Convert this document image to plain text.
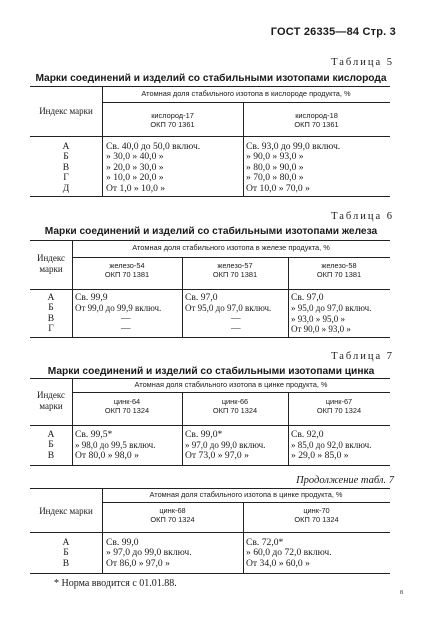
ГОСТ 26335—84 Стр. 3
Таблица 5
Марки соединений и изделий со стабильными изотопами кислорода
Индекс марки
Атомная доля стабильного изотопа в кислороде продукта, %
кислород-17
ОКП 70 1361
кислород-18
ОКП 70 1361
А
Б
В
Г
Д
Св. 40,0 до 50,0 включ.
» 30,0 » 40,0 »
» 20,0 » 30,0 »
» 10,0 » 20,0 »
От 1,0 » 10,0 »
Св. 93,0 до 99,0 включ.
» 90,0 » 93,0 »
» 80,0 » 90,0 »
» 70,0 » 80,0 »
От 10,0 » 70,0 »
Таблица 6
Марки соединений и изделий со стабильными изотопами железа
Индекс марки
Атомная доля стабильного изотопа в железе продукта, %
железо-54
ОКП 70 1381
железо-57
ОКП 70 1381
железо-58
ОКП 70 1381
А
Б
В
Г
Св. 99,9
От 99,0 до 99,9 включ.
—
—
Св. 97,0
От 95,0 до 97,0 включ.
—
—
Св. 97,0
» 95,0 до 97,0 включ.
» 93,0 » 95,0 »
От 90,0 » 93,0 »
Таблица 7
Марки соединений и изделий со стабильными изотопами цинка
Индекс марки
Атомная доля стабильного изотопа в цинке продукта, %
цинк-64
ОКП 70 1324
цинк-66
ОКП 70 1324
цинк-67
ОКП 70 1324
А
Б
В
Св. 99,5*
» 98,0 до 99,5 включ.
От 80,0 » 98,0 »
Св. 99,0*
» 97,0 до 99,0 включ.
От 73,0 » 97,0 »
Св. 92,0
» 85,0 до 92,0 включ.
» 29,0 » 85,0 »
Продолжение табл. 7
Индекс марки
Атомная доля стабильного изотопа в цинке продукта, %
цинк-68
ОКП 70 1324
цинк-70
ОКП 70 1324
А
Б
В
Св. 99,0
» 97,0 до 99,0 включ.
От 86,0 » 97,0 »
Св. 72,0*
» 60,0 до 72,0 включ.
От 34,0 » 60,0 »
* Норма вводится с 01.01.88.
8
